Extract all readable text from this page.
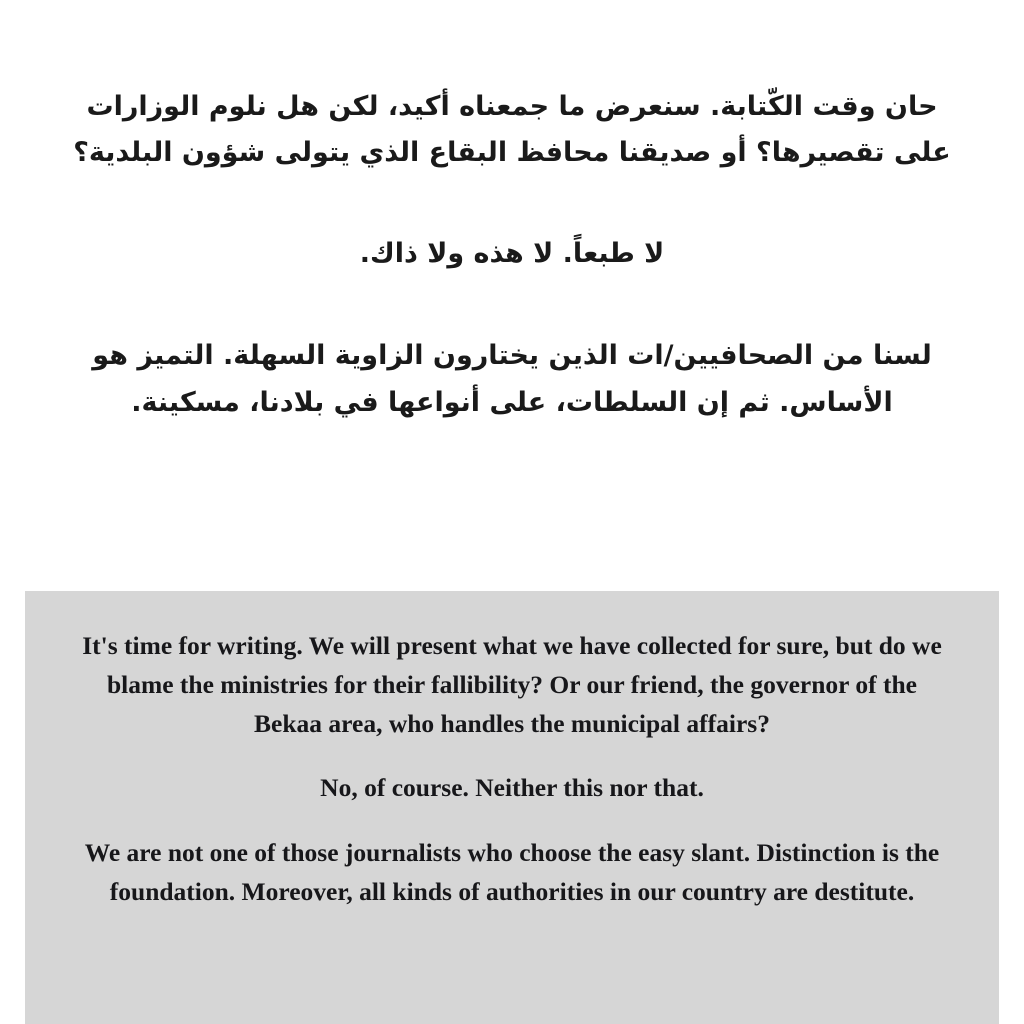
حان وقت الكّتابة. سنعرض ما جمعناه أكيد، لكن هل نلوم الوزارات على تقصيرها؟ أو صديقنا محافظ البقاع الذي يتولى شؤون البلدية؟

لا طبعاً. لا هذه ولا ذاك.

لسنا من الصحافيين/ات الذين يختارون الزاوية السهلة. التميز هو الأساس. ثم إن السلطات، على أنواعها في بلادنا، مسكينة.

It's time for writing. We will present what we have collected for sure, but do we blame the ministries for their fallibility? Or our friend, the governor of the Bekaa area, who handles the municipal affairs?

No, of course. Neither this nor that.

We are not one of those journalists who choose the easy slant. Distinction is the foundation. Moreover, all kinds of authorities in our country are destitute.
